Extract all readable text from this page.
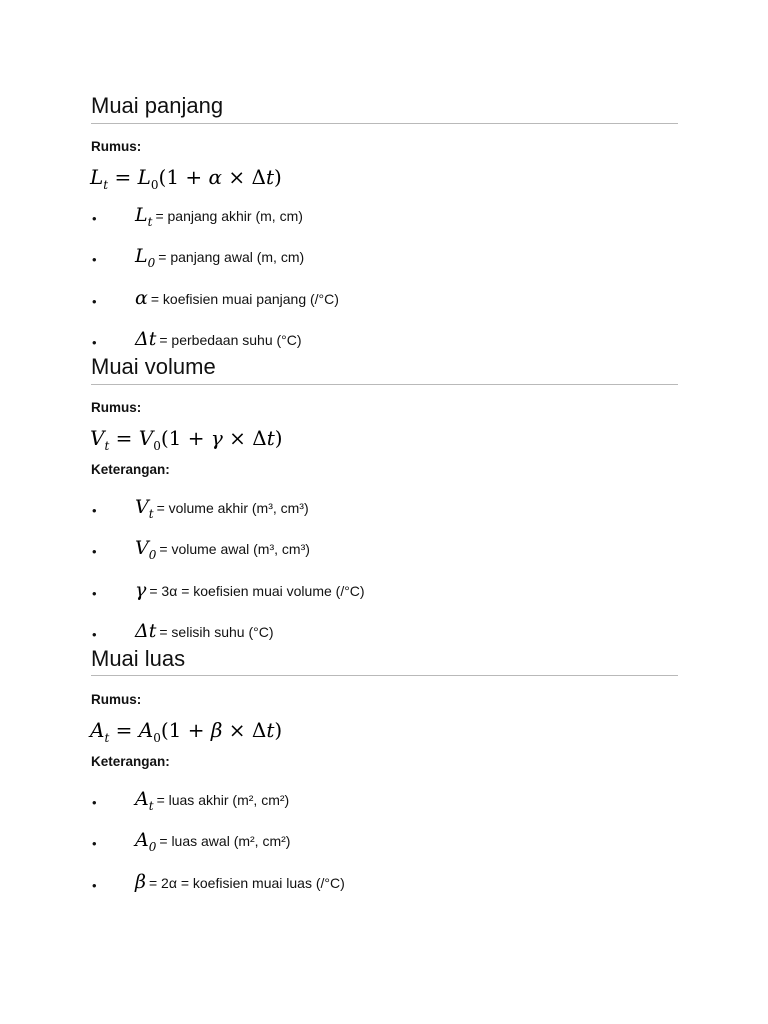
Muai panjang
Rumus:
$L_t = L_0(1 + \alpha \times \Delta t)$
•
$L_t$ = panjang akhir (m, cm)
•
$L_0$ = panjang awal (m, cm)
•
α = koefisien muai panjang (/°C)
•
Δt = perbedaan suhu (°C)
Muai volume
Rumus:
$V_t = V_0(1 + \gamma \times \Delta t)$
Keterangan:
•
$V_t$ = volume akhir (m³, cm³)
•
$V_0$ = volume awal (m³, cm³)
•
γ = 3α = koefisien muai volume (/°C)
•
Δt = selisih suhu (°C)
Muai luas
Rumus:
$A_t = A_0(1 + \beta \times \Delta t)$
Keterangan:
•
$A_t$ = luas akhir (m², cm²)
•
$A_0$ = luas awal (m², cm²)
•
β = 2α = koefisien muai luas (/°C)
